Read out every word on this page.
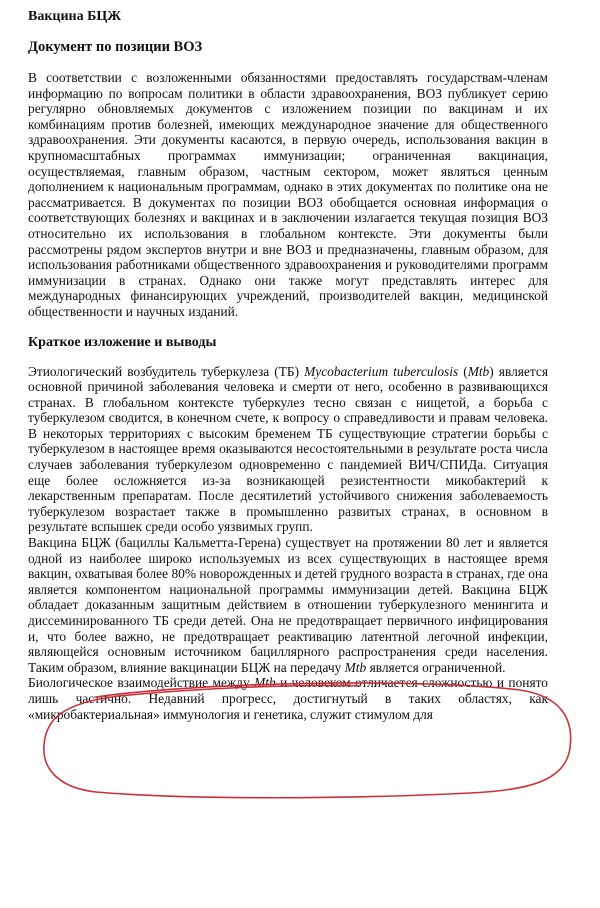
Вакцина БЦЖ
Документ по позиции ВОЗ

В соответствии с возложенными обязанностями предоставлять государствам-членам информацию по вопросам политики в области здравоохранения, ВОЗ публикует серию регулярно обновляемых документов с изложением позиции по вакцинам и их комбинациям против болезней, имеющих международное значение для общественного здравоохранения. Эти документы касаются, в первую очередь, использования вакцин в крупномасштабных программах иммунизации; ограниченная вакцинация, осуществляемая, главным образом, частным сектором, может являться ценным дополнением к национальным программам, однако в этих документах по политике она не рассматривается. В документах по позиции ВОЗ обобщается основная информация о соответствующих болезнях и вакцинах и в заключении излагается текущая позиция ВОЗ относительно их использования в глобальном контексте. Эти документы были рассмотрены рядом экспертов внутри и вне ВОЗ и предназначены, главным образом, для использования работниками общественного здравоохранения и руководителями программ иммунизации в странах. Однако они также могут представлять интерес для международных финансирующих учреждений, производителей вакцин, медицинской общественности и научных изданий.

Краткое изложение и выводы

Этиологический возбудитель туберкулеза (ТБ) Mycobacterium tuberculosis (Mtb) является основной причиной заболевания человека и смерти от него, особенно в развивающихся странах. В глобальном контексте туберкулез тесно связан с нищетой, а борьба с туберкулезом сводится, в конечном счете, к вопросу о справедливости и правам человека. В некоторых территориях с высоким бременем ТБ существующие стратегии борьбы с туберкулезом в настоящее время оказываются несостоятельными в результате роста числа случаев заболевания туберкулезом одновременно с пандемией ВИЧ/СПИДа. Ситуация еще более осложняется из-за возникающей резистентности микобактерий к лекарственным препаратам. После десятилетий устойчивого снижения заболеваемость туберкулезом возрастает также в промышленно развитых странах, в основном в результате вспышек среди особо уязвимых групп.

Вакцина БЦЖ (бациллы Кальметта-Герена) существует на протяжении 80 лет и является одной из наиболее широко используемых из всех существующих в настоящее время вакцин, охватывая более 80% новорожденных и детей грудного возраста в странах, где она является компонентом национальной программы иммунизации детей. Вакцина БЦЖ обладает доказанным защитным действием в отношении туберкулезного менингита и диссеминированного ТБ среди детей. Она не предотвращает первичного инфицирования и, что более важно, не предотвращает реактивацию латентной легочной инфекции, являющейся основным источником бациллярного распространения среди населения. Таким образом, влияние вакцинации БЦЖ на передачу Mtb является ограниченной.

Биологическое взаимодействие между Mtb и человеком отличается сложностью и понято лишь частично. Недавний прогресс, достигнутый в таких областях, как «микробактериальная» иммунология и генетика, служит стимулом для
